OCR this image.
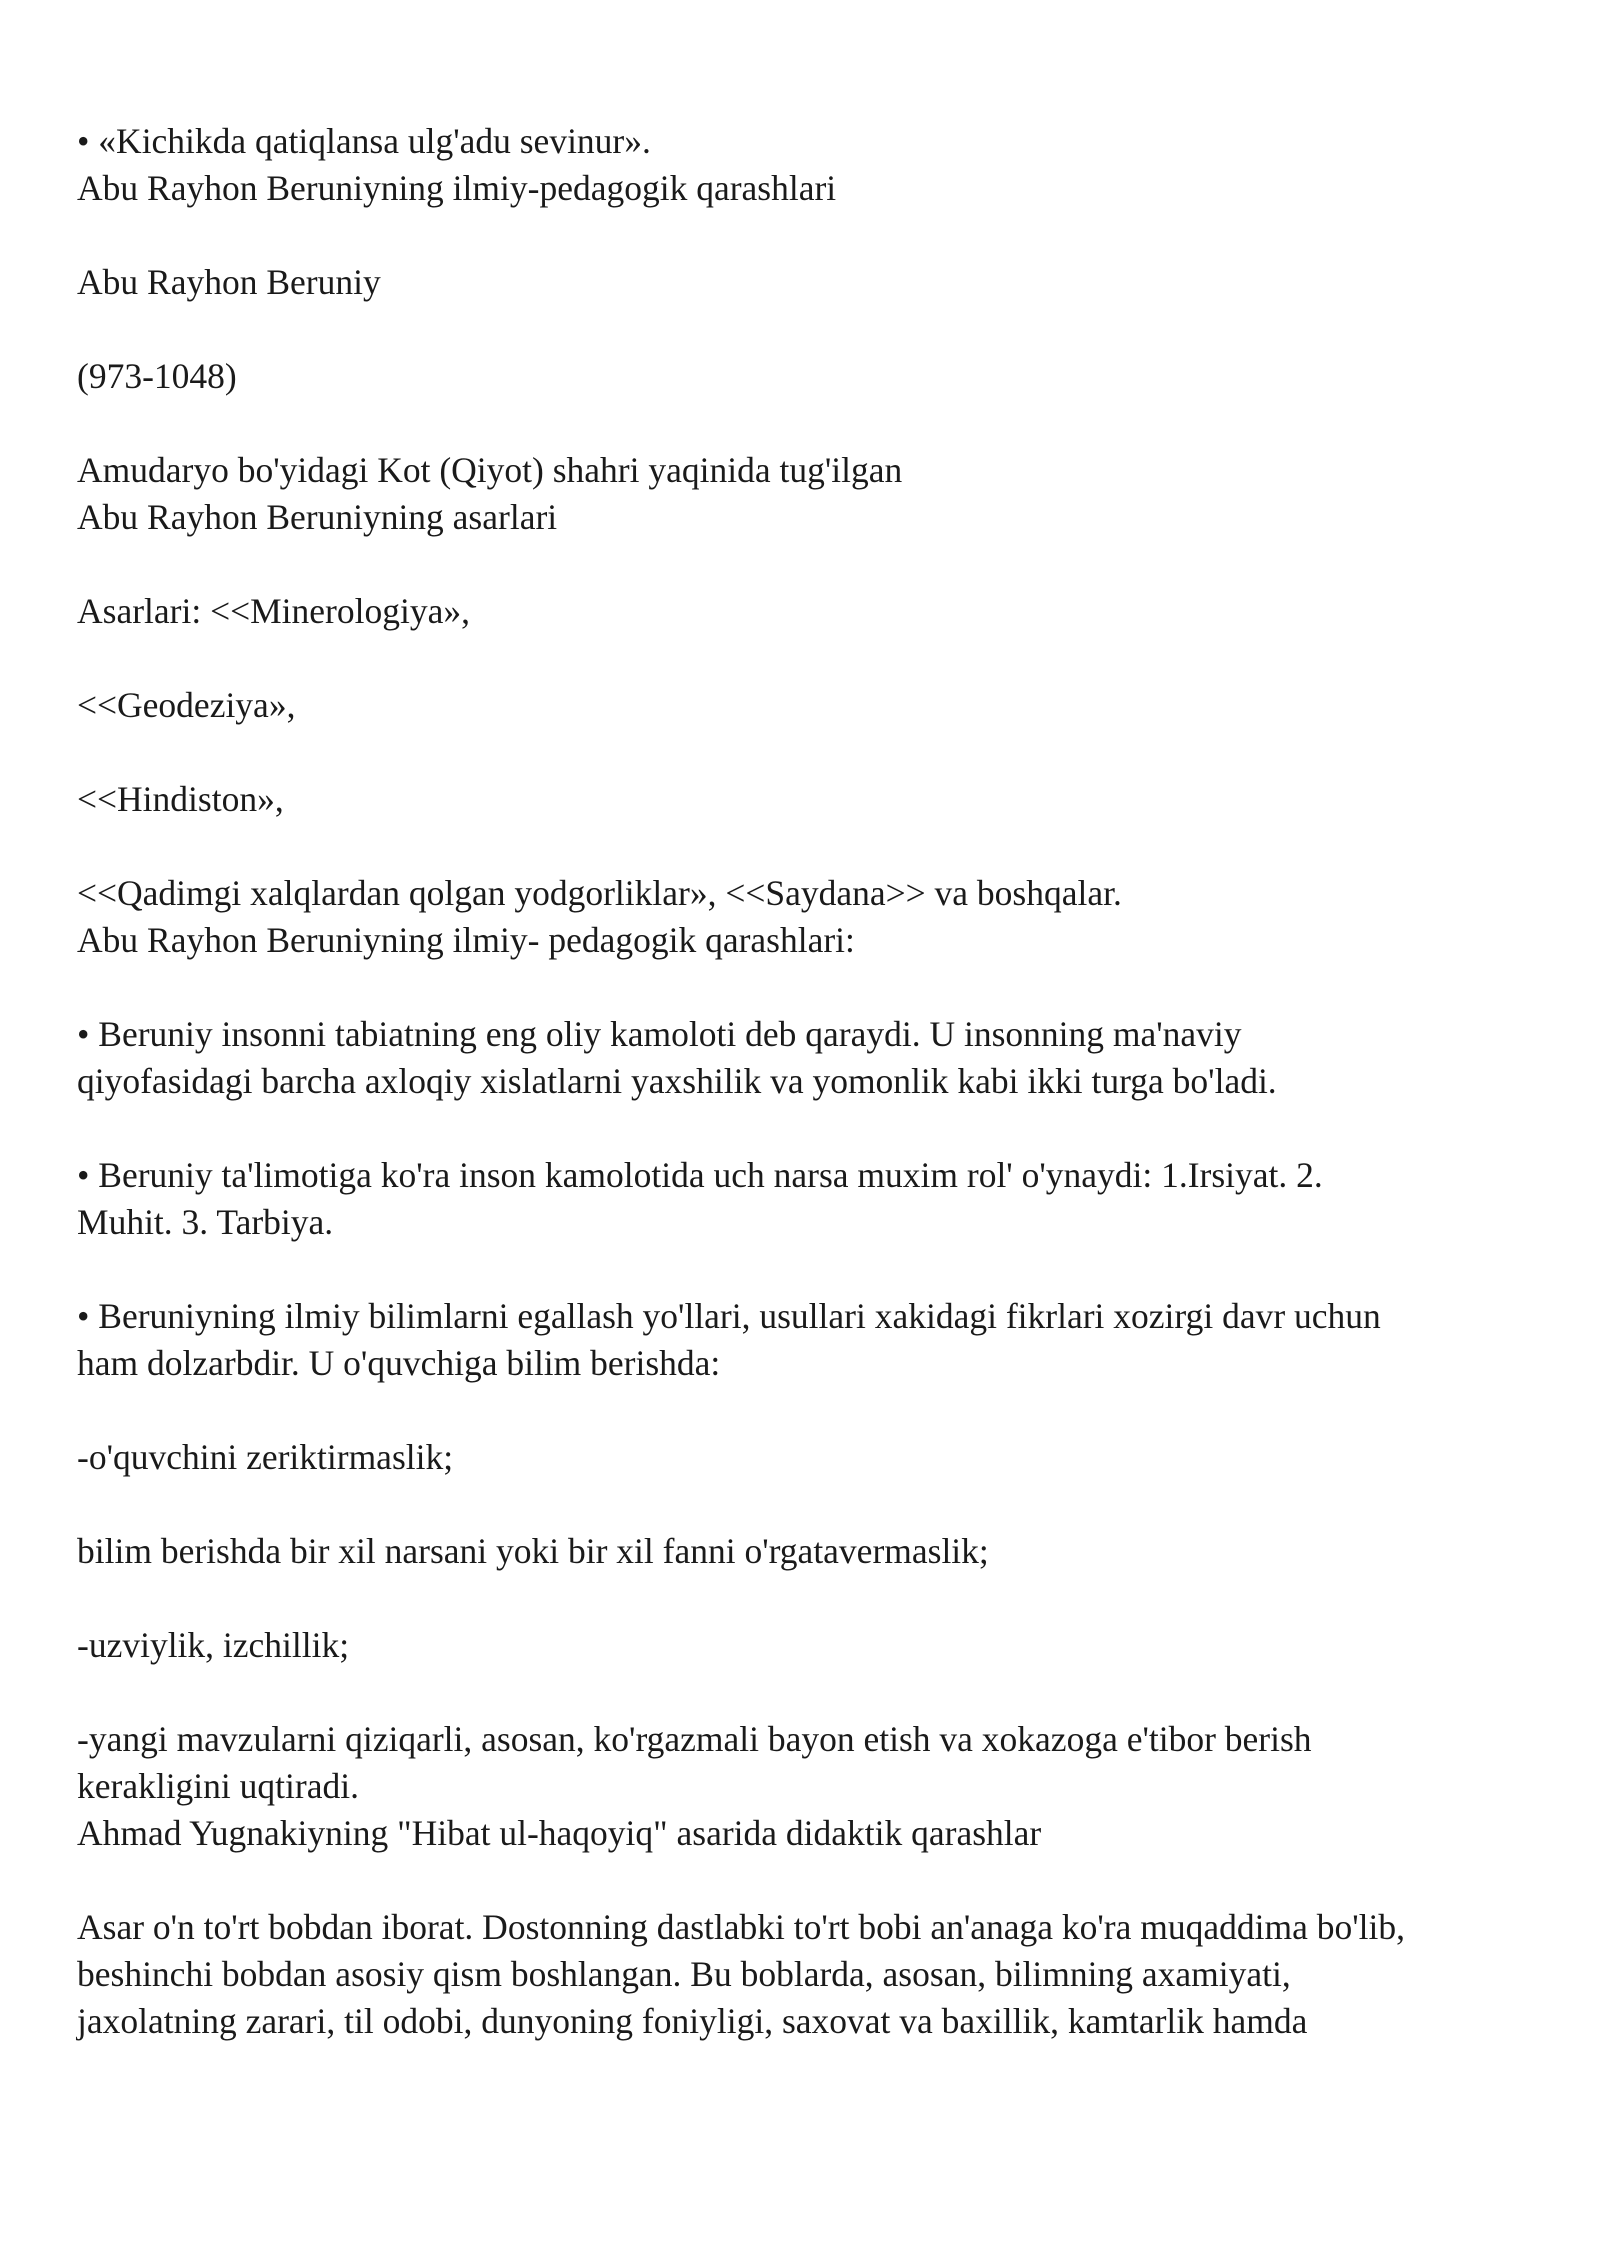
• «Kichikda qatiqlansa ulg'adu sevinur».

Abu Rayhon Beruniyning ilmiy-pedagogik qarashlari

Abu Rayhon Beruniy

(973-1048)

Amudaryo bo'yidagi Kot (Qiyot) shahri yaqinida tug'ilgan

Abu Rayhon Beruniyning asarlari

Asarlari: <<Minerologiya»,

<<Geodeziya»,

<<Hindiston»,

<<Qadimgi xalqlardan qolgan yodgorliklar», <<Saydana>> va boshqalar.

Abu Rayhon Beruniyning ilmiy- pedagogik qarashlari:

• Beruniy insonni tabiatning eng oliy kamoloti deb qaraydi. U insonning ma'naviy

qiyofasidagi barcha axloqiy xislatlarni yaxshilik va yomonlik kabi ikki turga bo'ladi.

• Beruniy ta'limotiga ko'ra inson kamolotida uch narsa muxim rol' o'ynaydi: 1.Irsiyat. 2.

Muhit. 3. Tarbiya.

• Beruniyning ilmiy bilimlarni egallash yo'llari, usullari xakidagi fikrlari xozirgi davr uchun

ham dolzarbdir. U o'quvchiga bilim berishda:

-o'quvchini zeriktirmaslik;

bilim berishda bir xil narsani yoki bir xil fanni o'rgatavermaslik;

-uzviylik, izchillik;

-yangi mavzularni qiziqarli, asosan, ko'rgazmali bayon etish va xokazoga e'tibor berish

kerakligini uqtiradi.

Ahmad Yugnakiyning "Hibat ul-haqoyiq" asarida didaktik qarashlar

Asar o'n to'rt bobdan iborat. Dostonning dastlabki to'rt bobi an'anaga ko'ra muqaddima bo'lib,

beshinchi bobdan asosiy qism boshlangan. Bu boblarda, asosan, bilimning axamiyati,

jaxolatning zarari, til odobi, dunyoning foniyligi, saxovat va baxillik, kamtarlik hamda
